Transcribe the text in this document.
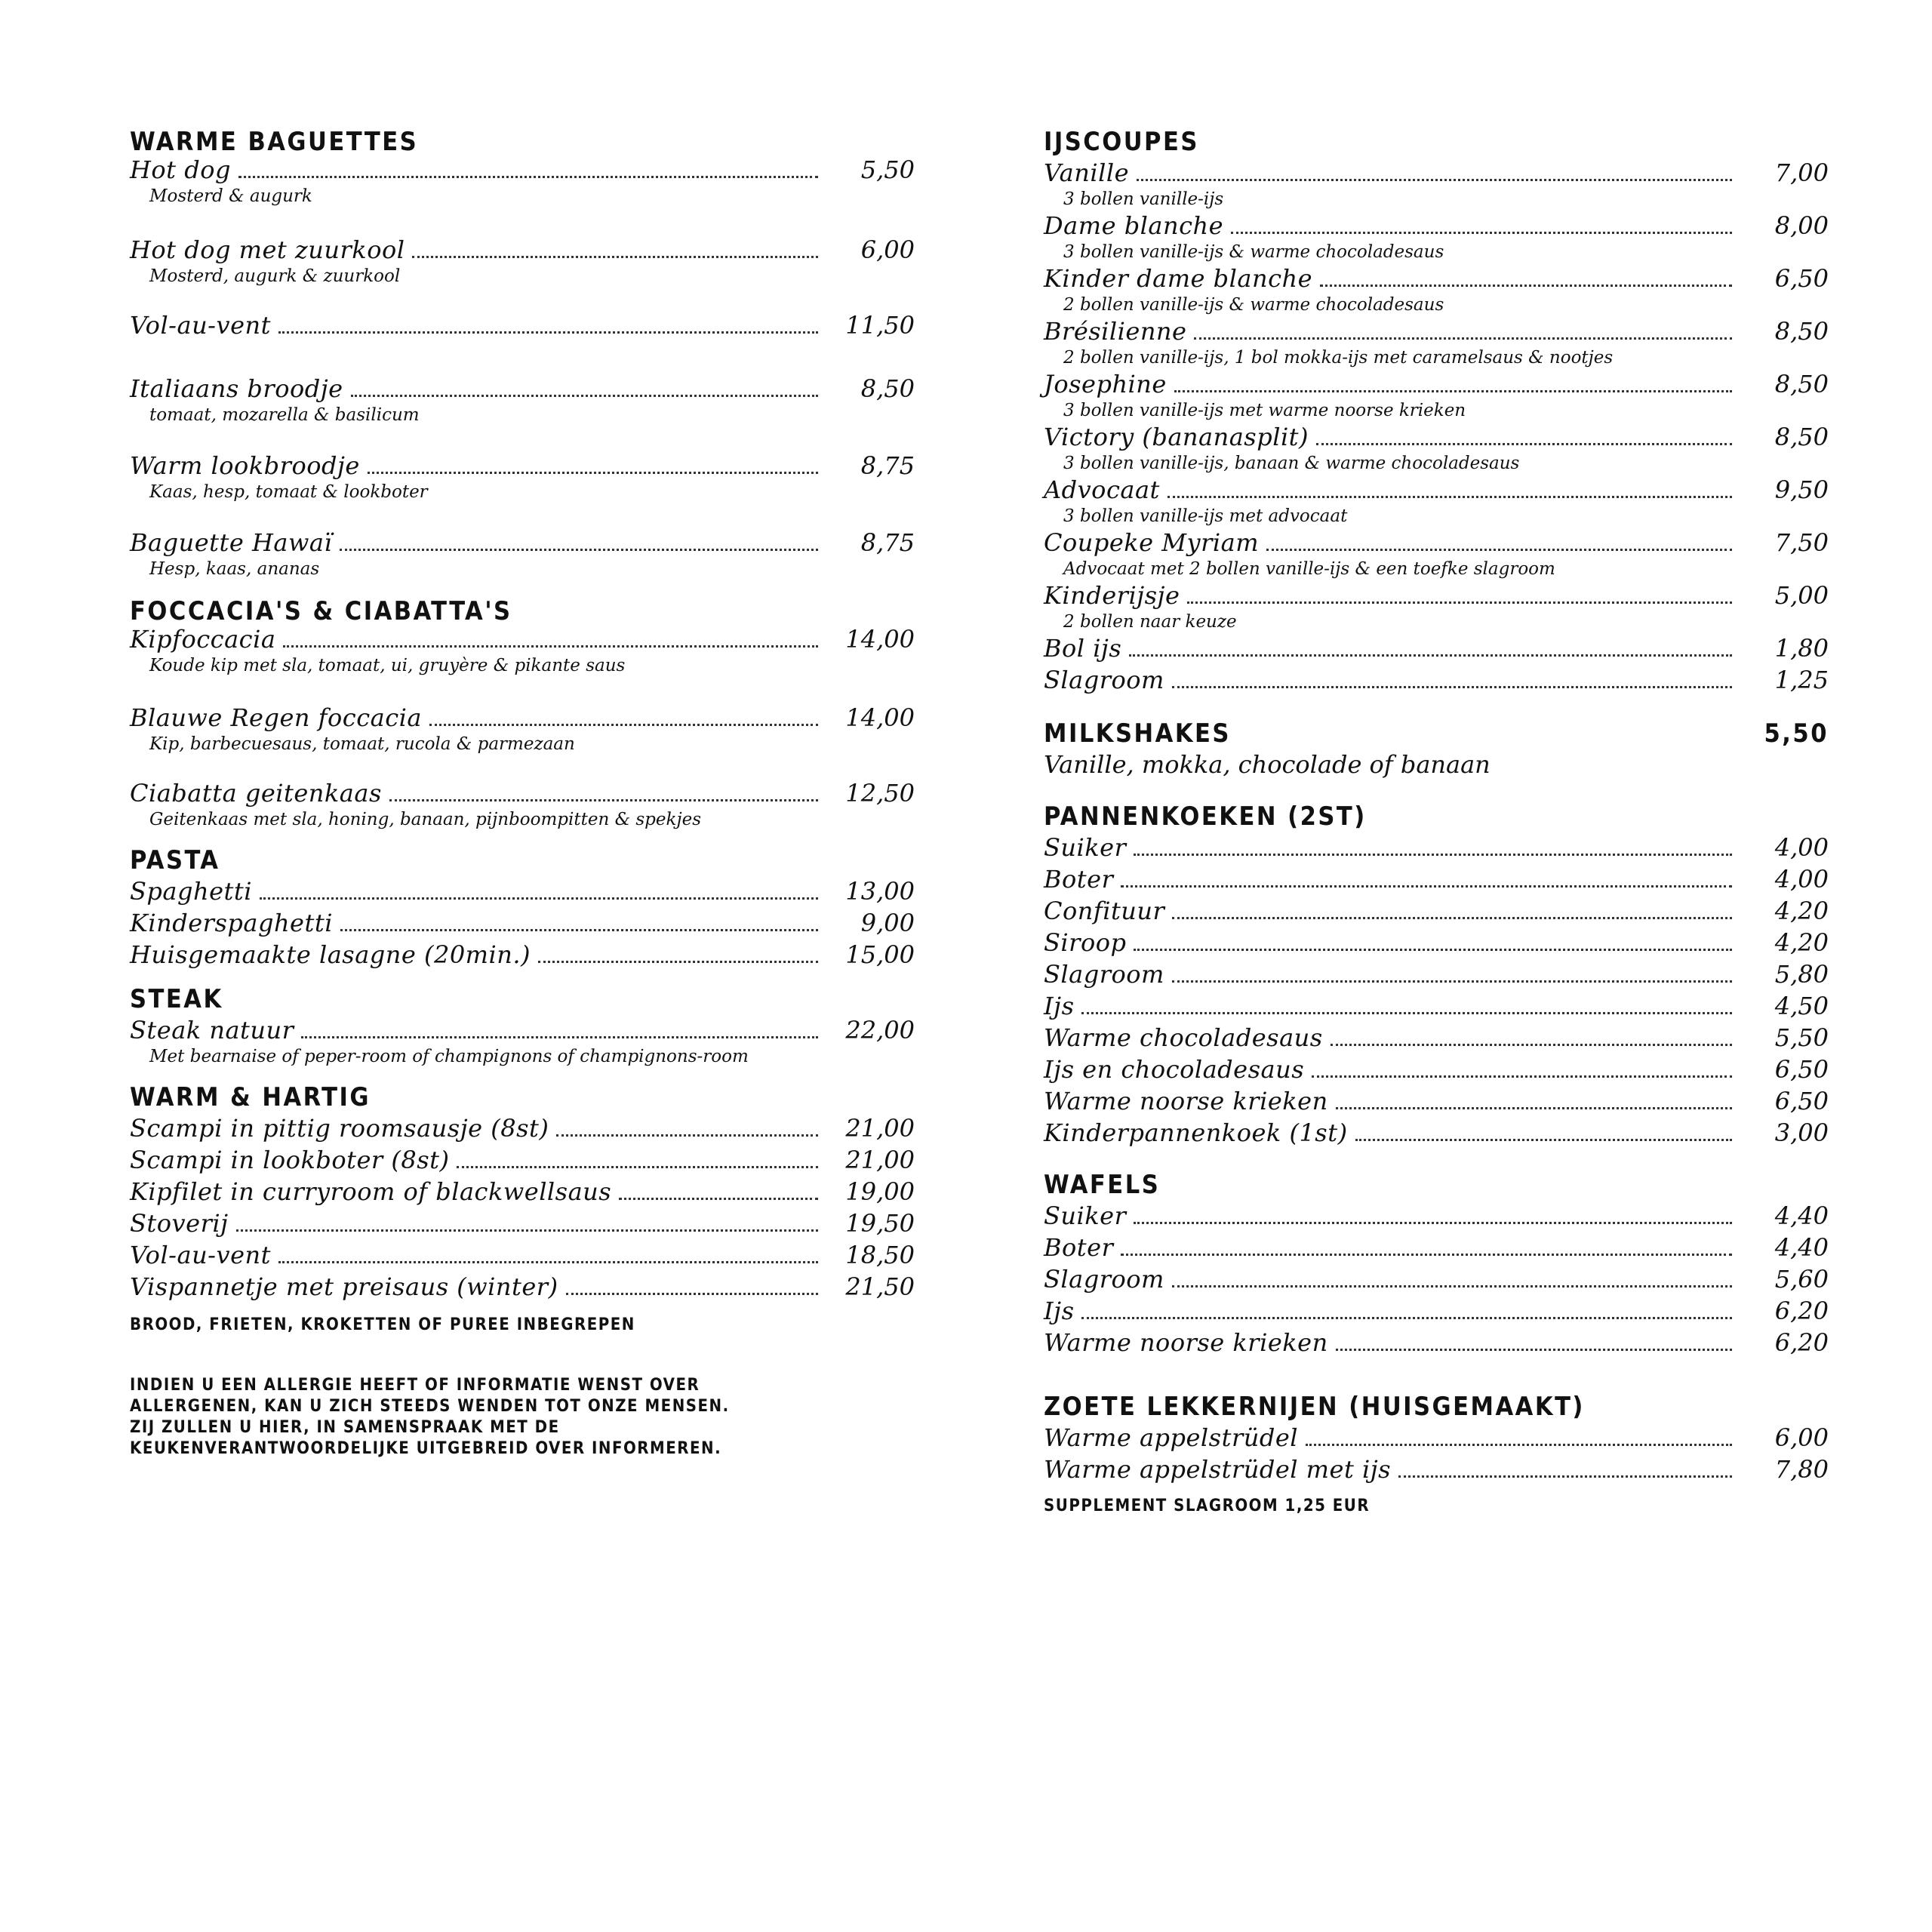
WARME BAGUETTES
Hot dog	5,50
Mosterd & augurk
Hot dog met zuurkool	6,00
Mosterd, augurk & zuurkool
Vol-au-vent	11,50
Italiaans broodje	8,50
tomaat, mozarella & basilicum
Warm lookbroodje	8,75
Kaas, hesp, tomaat & lookboter
Baguette Hawaï	8,75
Hesp, kaas, ananas
FOCCACIA'S & CIABATTA'S
Kipfoccacia	14,00
Koude kip met sla, tomaat, ui, gruyère & pikante saus
Blauwe Regen foccacia	14,00
Kip, barbecuesaus, tomaat, rucola & parmezaan
Ciabatta geitenkaas	12,50
Geitenkaas met sla, honing, banaan, pijnboompitten & spekjes
PASTA
Spaghetti	13,00
Kinderspaghetti	9,00
Huisgemaakte lasagne (20min.)	15,00
STEAK
Steak natuur	22,00
Met bearnaise of peper-room of champignons of champignons-room
WARM & HARTIG
Scampi in pittig roomsausje (8st)	21,00
Scampi in lookboter (8st)	21,00
Kipfilet in curryroom of blackwellsaus	19,00
Stoverij	19,50
Vol-au-vent	18,50
Vispannetje met preisaus (winter)	21,50
BROOD, FRIETEN, KROKETTEN OF PUREE INBEGREPEN
INDIEN U EEN ALLERGIE HEEFT OF INFORMATIE WENST OVER
ALLERGENEN, KAN U ZICH STEEDS WENDEN TOT ONZE MENSEN.
ZIJ ZULLEN U HIER, IN SAMENSPRAAK MET DE
KEUKENVERANTWOORDELIJKE UITGEBREID OVER INFORMEREN.
IJSCOUPES
Vanille	7,00
3 bollen vanille-ijs
Dame blanche	8,00
3 bollen vanille-ijs & warme chocoladesaus
Kinder dame blanche	6,50
2 bollen vanille-ijs & warme chocoladesaus
Brésilienne	8,50
2 bollen vanille-ijs, 1 bol mokka-ijs met caramelsaus & nootjes
Josephine	8,50
3 bollen vanille-ijs met warme noorse krieken
Victory (bananasplit)	8,50
3 bollen vanille-ijs, banaan & warme chocoladesaus
Advocaat	9,50
3 bollen vanille-ijs met advocaat
Coupeke Myriam	7,50
Advocaat met 2 bollen vanille-ijs & een toefke slagroom
Kinderijsje	5,00
2 bollen naar keuze
Bol ijs	1,80
Slagroom	1,25
MILKSHAKES	5,50
Vanille, mokka, chocolade of banaan
PANNENKOEKEN (2ST)
Suiker	4,00
Boter	4,00
Confituur	4,20
Siroop	4,20
Slagroom	5,80
Ijs	4,50
Warme chocoladesaus	5,50
Ijs en chocoladesaus	6,50
Warme noorse krieken	6,50
Kinderpannenkoek (1st)	3,00
WAFELS
Suiker	4,40
Boter	4,40
Slagroom	5,60
Ijs	6,20
Warme noorse krieken	6,20
ZOETE LEKKERNIJEN (HUISGEMAAKT)
Warme appelstrüdel	6,00
Warme appelstrüdel met ijs	7,80
SUPPLEMENT SLAGROOM 1,25 EUR
